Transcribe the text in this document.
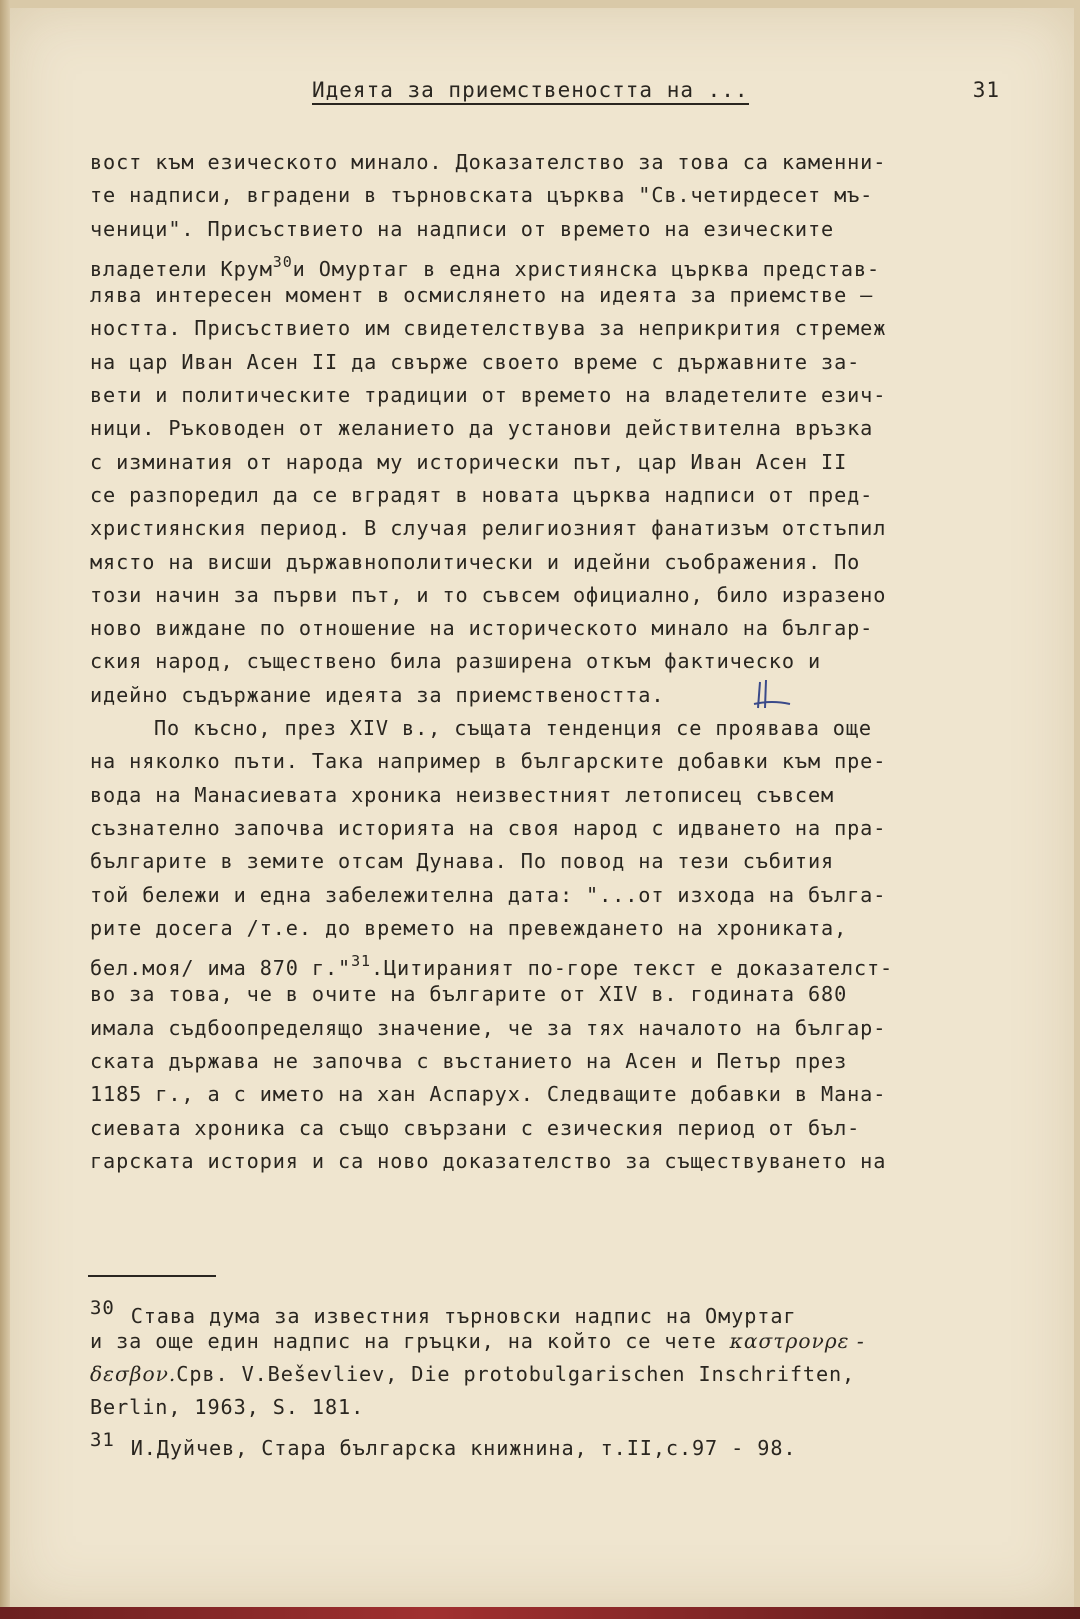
Идеята за приемствеността на ...	31
вост към езическото минало. Доказателство за това са каменни-
те надписи, вградени в търновската църква "Св.четирдесет мъ-
ченици". Присъствието на надписи от времето на езическите
владетели Крум$^{30}$и Омуртаг в една християнска църква представ-
лява интересен момент в осмислянето на идеята за приемстве –
ността. Присъствието им свидетелствува за неприкрития стремеж
на цар Иван Асен II да свърже своето време с държавните за-
вети и политическите традиции от времето на владетелите езич-
ници. Ръководен от желанието да установи действителна връзка
с изминатия от народа му исторически път, цар Иван Асен II
се разпоредил да се вградят в новата църква надписи от пред-
християнския период. В случая религиозният фанатизъм отстъпил
място на висши държавнополитически и идейни съображения. По
този начин за първи път, и то съвсем официално, било изразено
ново виждане по отношение на историческото минало на българ-
ския народ, съществено била разширена откъм фактическо и
идейно съдържание идеята за приемствеността.
По късно, през XIV в., същата тенденция се проявава още
на няколко пъти. Така например в българските добавки към пре-
вода на Манасиевата хроника неизвестният летописец съвсем
съзнателно започва историята на своя народ с идването на пра-
българите в земите отсам Дунава. По повод на тези събития
той бележи и една забележителна дата: "...от изхода на бълга-
рите досега /т.е. до времето на превеждането на хрониката,
бел.моя/ има 870 г."$^{31}$.Цитираният по-горе текст е доказателст-
во за това, че в очите на българите от XIV в. годината 680
имала съдбоопределящо значение, че за тях началото на българ-
ската държава не започва с въстанието на Асен и Петър през
1185 г., а с името на хан Аспарух. Следващите добавки в Мана-
сиевата хроника са също свързани с езическия период от бъл-
гарската история и са ново доказателство за съществуването на
30 Става дума за известния търновски надпис на Омуртаг
и за още един надпис на гръцки, на който се чете καστρονρε -
δεσβον.Срв. V.Beševliev, Die protobulgarischen Inschriften,
Berlin, 1963, S. 181.
31 И.Дуйчев, Стара българска книжнина, т.II,с.97 - 98.
